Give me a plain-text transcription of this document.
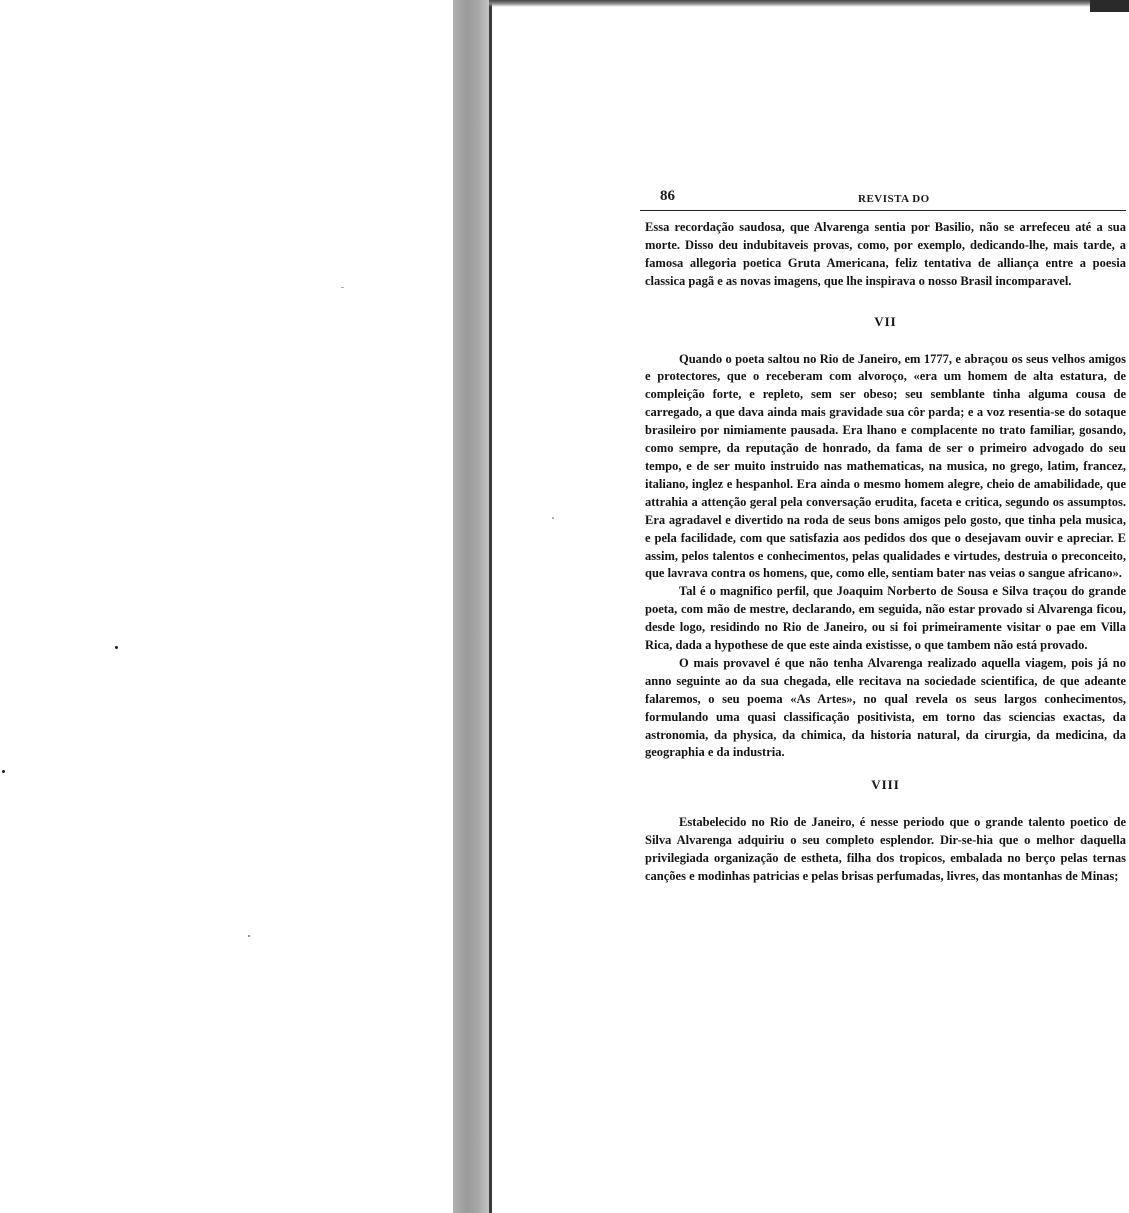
86	REVISTA DO

Essa recordação saudosa, que Alvarenga sentia por Basilio, não se arrefeceu até a sua morte. Disso deu indubitaveis provas, como, por exemplo, dedicando-lhe, mais tarde, a famosa allegoria poetica Gruta Americana, feliz tentativa de alliança entre a poesia classica pagã e as novas imagens, que lhe inspirava o nosso Brasil incomparavel.

VII

Quando o poeta saltou no Rio de Janeiro, em 1777, e abraçou os seus velhos amigos e protectores, que o receberam com alvoroço, «era um homem de alta estatura, de compleição forte, e repleto, sem ser obeso; seu semblante tinha alguma cousa de carregado, a que dava ainda mais gravidade sua côr parda; e a voz resentia-se do sotaque brasileiro por nimiamente pausada. Era lhano e complacente no trato familiar, gosando, como sempre, da reputação de honrado, da fama de ser o primeiro advogado do seu tempo, e de ser muito instruido nas mathematicas, na musica, no grego, latim, francez, italiano, inglez e hespanhol. Era ainda o mesmo homem alegre, cheio de amabilidade, que attrahia a attenção geral pela conversação erudita, faceta e critica, segundo os assumptos. Era agradavel e divertido na roda de seus bons amigos pelo gosto, que tinha pela musica, e pela facilidade, com que satisfazia aos pedidos dos que o desejavam ouvir e apreciar. E assim, pelos talentos e conhecimentos, pelas qualidades e virtudes, destruia o preconceito, que lavrava contra os homens, que, como elle, sentiam bater nas veias o sangue africano».

Tal é o magnifico perfil, que Joaquim Norberto de Sousa e Silva traçou do grande poeta, com mão de mestre, declarando, em seguida, não estar provado si Alvarenga ficou, desde logo, residindo no Rio de Janeiro, ou si foi primeiramente visitar o pae em Villa Rica, dada a hypothese de que este ainda existisse, o que tambem não está provado.

O mais provavel é que não tenha Alvarenga realizado aquella viagem, pois já no anno seguinte ao da sua chegada, elle recitava na sociedade scientifica, de que adeante falaremos, o seu poema «As Artes», no qual revela os seus largos conhecimentos, formulando uma quasi classificação positivista, em torno das sciencias exactas, da astronomia, da physica, da chimica, da historia natural, da cirurgia, da medicina, da geographia e da industria.

VIII

Estabelecido no Rio de Janeiro, é nesse periodo que o grande talento poetico de Silva Alvarenga adquiriu o seu completo esplendor. Dir-se-hia que o melhor daquella privilegiada organização de estheta, filha dos tropicos, embalada no berço pelas ternas canções e modinhas patricias e pelas brisas perfumadas, livres, das montanhas de Minas;
